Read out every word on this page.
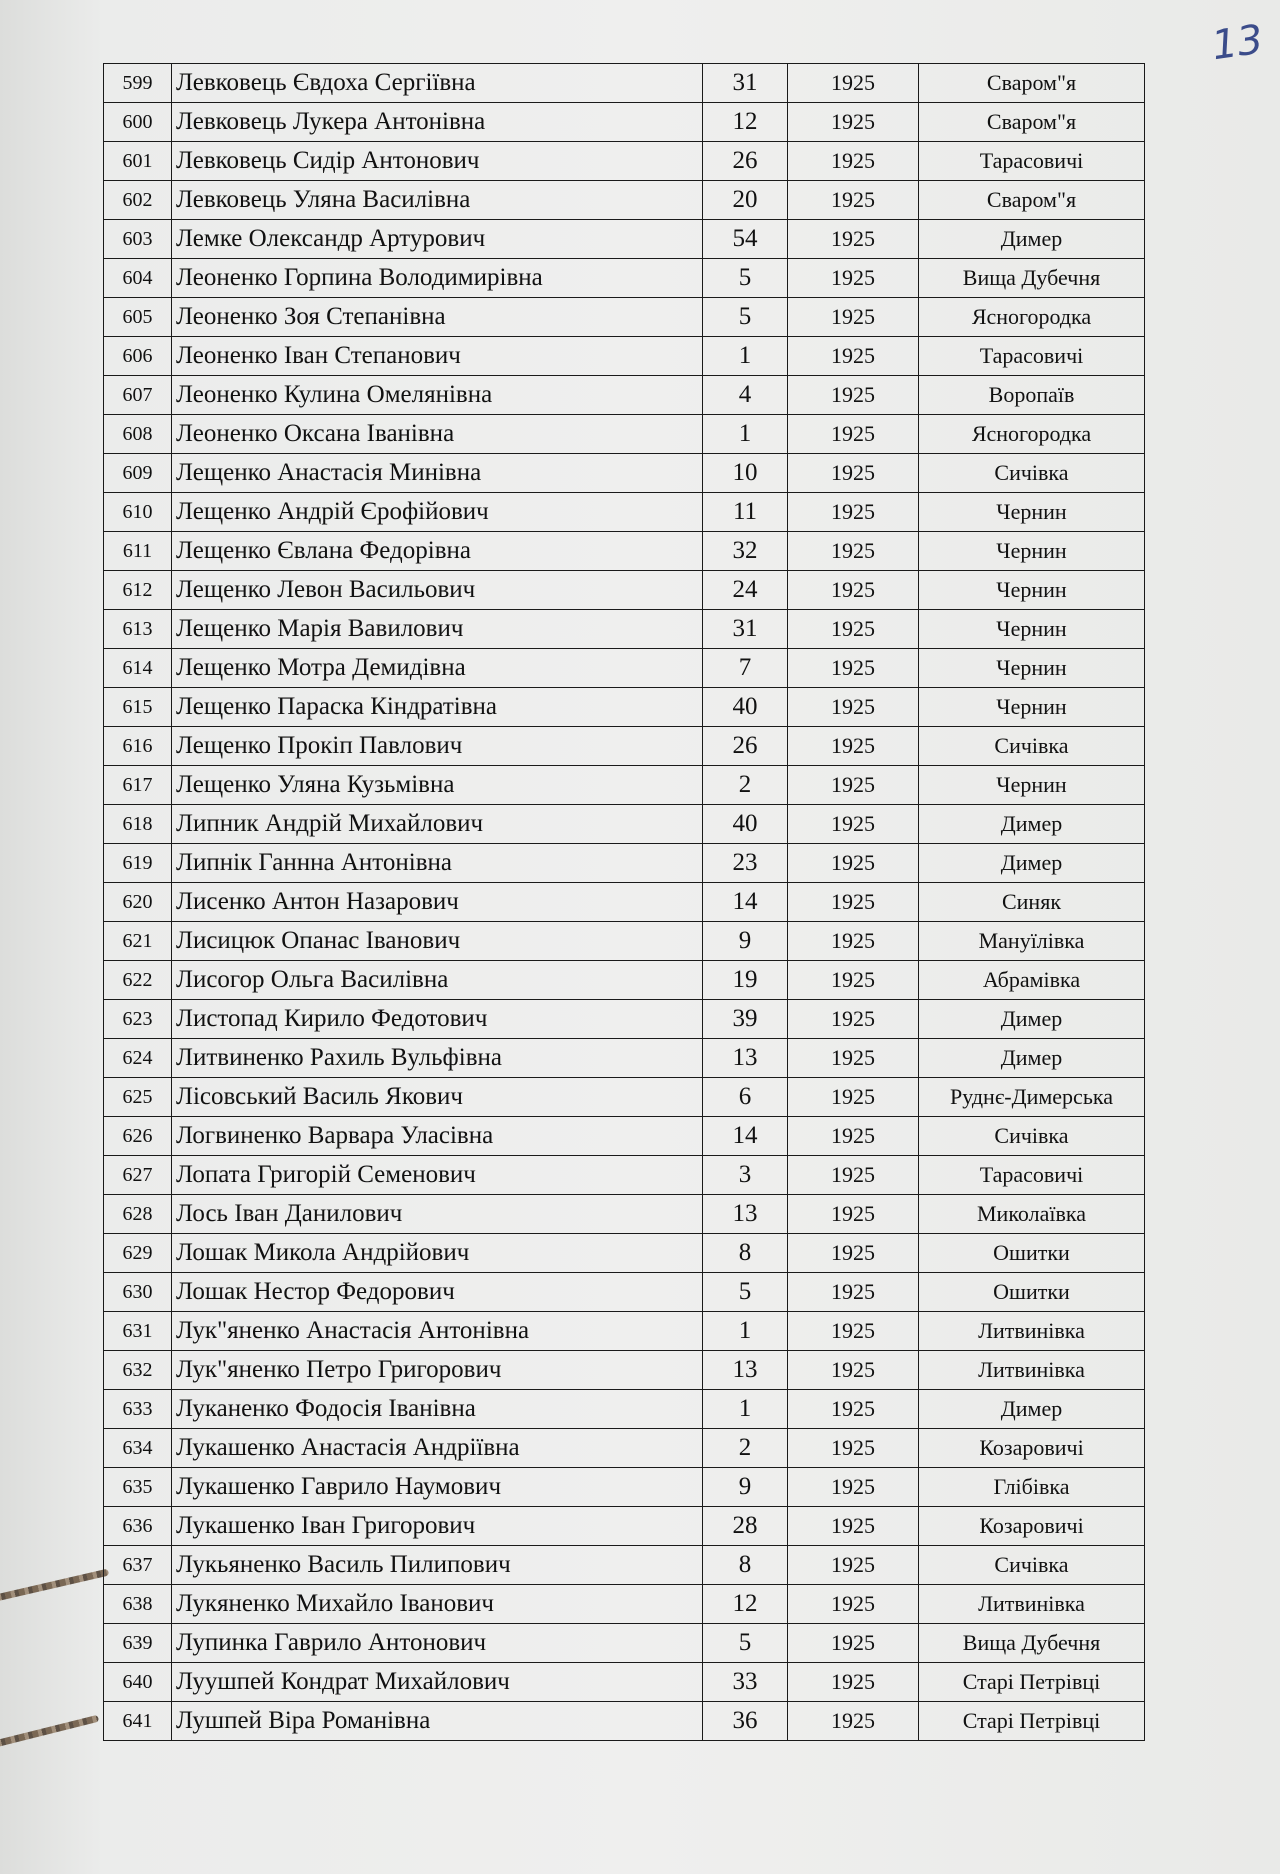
13
599	Левковець Євдоха Сергіївна	31	1925	Сваром"я
600	Левковець Лукера Антонівна	12	1925	Сваром"я
601	Левковець Сидір Антонович	26	1925	Тарасовичі
602	Левковець Уляна Василівна	20	1925	Сваром"я
603	Лемке Олександр Артурович	54	1925	Димер
604	Леоненко Горпина Володимирівна	5	1925	Вища Дубечня
605	Леоненко Зоя Степанівна	5	1925	Ясногородка
606	Леоненко Іван Степанович	1	1925	Тарасовичі
607	Леоненко Кулина Омелянівна	4	1925	Воропаїв
608	Леоненко Оксана Іванівна	1	1925	Ясногородка
609	Лещенко Анастасія Минівна	10	1925	Сичівка
610	Лещенко Андрій Єрофійович	11	1925	Чернин
611	Лещенко Євлана Федорівна	32	1925	Чернин
612	Лещенко Левон Васильович	24	1925	Чернин
613	Лещенко Марія Вавилович	31	1925	Чернин
614	Лещенко Мотра Демидівна	7	1925	Чернин
615	Лещенко Параска Кіндратівна	40	1925	Чернин
616	Лещенко Прокіп Павлович	26	1925	Сичівка
617	Лещенко Уляна Кузьмівна	2	1925	Чернин
618	Липник Андрій Михайлович	40	1925	Димер
619	Липнік Ганнна Антонівна	23	1925	Димер
620	Лисенко Антон Назарович	14	1925	Синяк
621	Лисицюк Опанас Іванович	9	1925	Мануїлівка
622	Лисогор Ольга Василівна	19	1925	Абрамівка
623	Листопад Кирило Федотович	39	1925	Димер
624	Литвиненко Рахиль Вульфівна	13	1925	Димер
625	Лісовський Василь Якович	6	1925	Руднє-Димерська
626	Логвиненко Варвара Уласівна	14	1925	Сичівка
627	Лопата Григорій Семенович	3	1925	Тарасовичі
628	Лось Іван Данилович	13	1925	Миколаївка
629	Лошак Микола Андрійович	8	1925	Ошитки
630	Лошак Нестор Федорович	5	1925	Ошитки
631	Лук"яненко Анастасія Антонівна	1	1925	Литвинівка
632	Лук"яненко Петро Григорович	13	1925	Литвинівка
633	Луканенко Фодосія Іванівна	1	1925	Димер
634	Лукашенко Анастасія Андріївна	2	1925	Козаровичі
635	Лукашенко Гаврило Наумович	9	1925	Глібівка
636	Лукашенко Іван Григорович	28	1925	Козаровичі
637	Лукьяненко Василь Пилипович	8	1925	Сичівка
638	Лукяненко Михайло Іванович	12	1925	Литвинівка
639	Лупинка Гаврило Антонович	5	1925	Вища Дубечня
640	Луушпей Кондрат Михайлович	33	1925	Старі Петрівці
641	Лушпей Віра Романівна	36	1925	Старі Петрівці
